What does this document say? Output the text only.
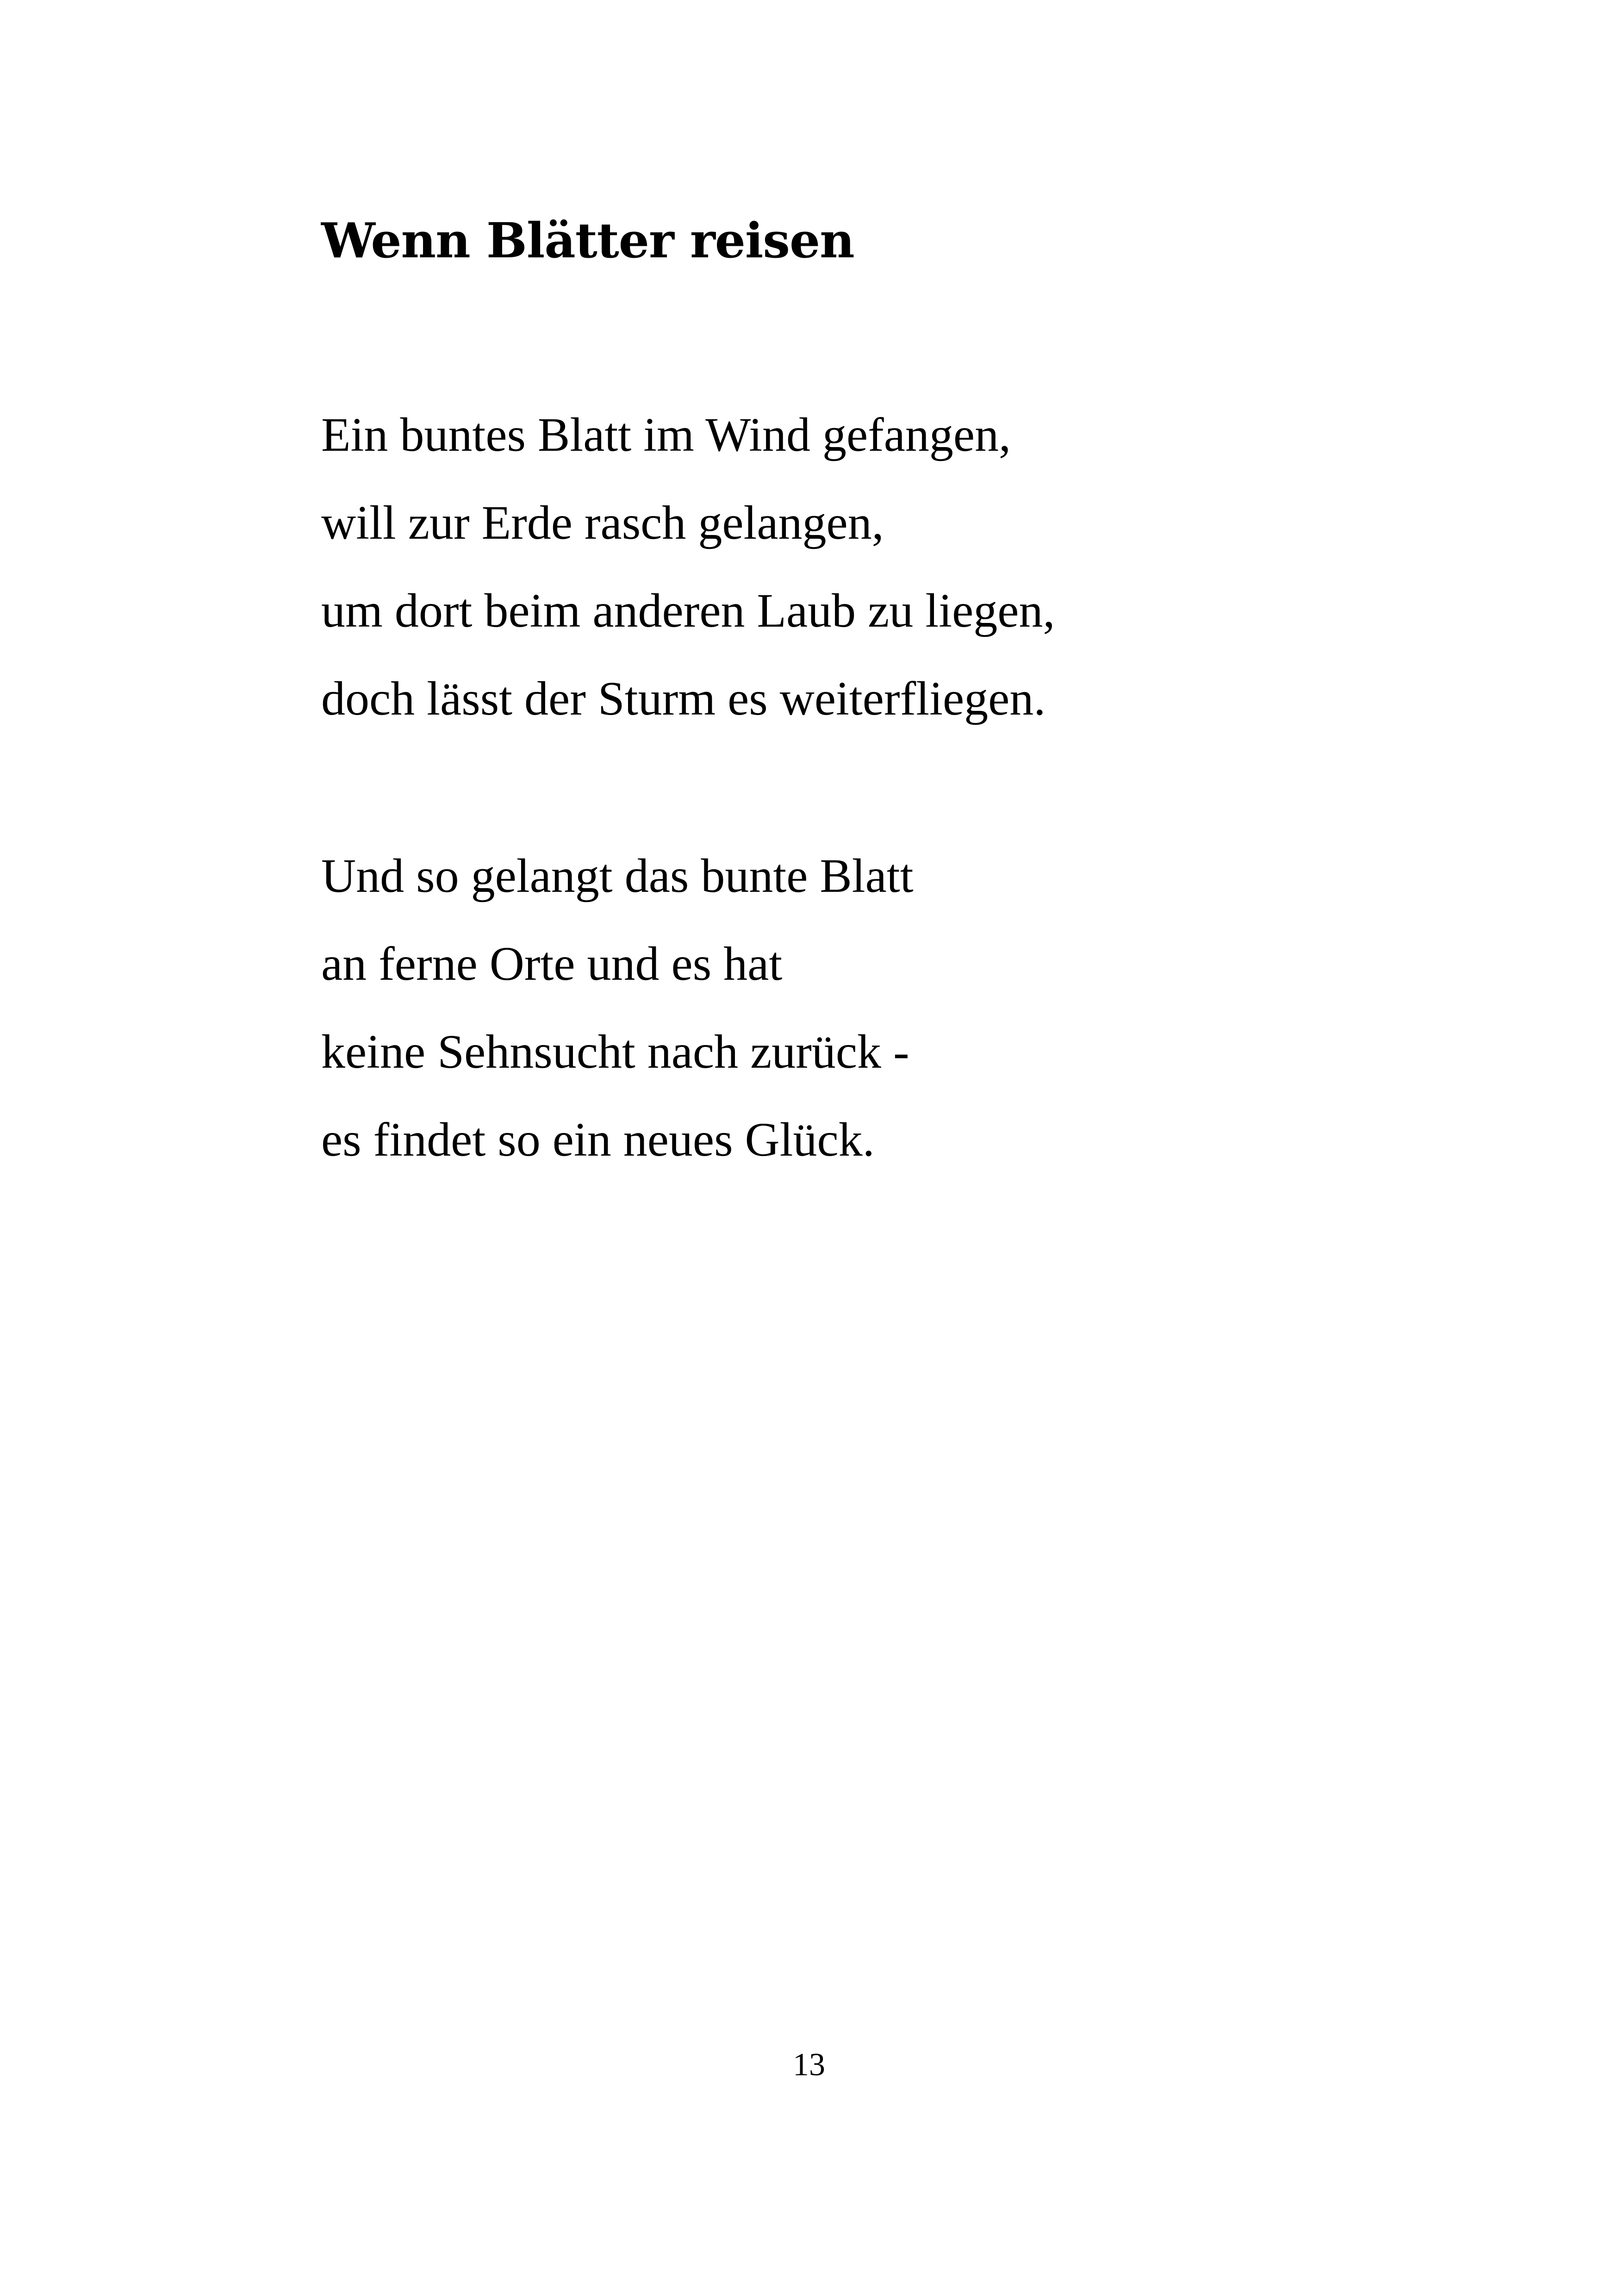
Wenn Blätter reisen
Ein buntes Blatt im Wind gefangen,
will zur Erde rasch gelangen,
um dort beim anderen Laub zu liegen,
doch lässt der Sturm es weiterfliegen.
Und so gelangt das bunte Blatt
an ferne Orte und es hat
keine Sehnsucht nach zurück -
es findet so ein neues Glück.
13
